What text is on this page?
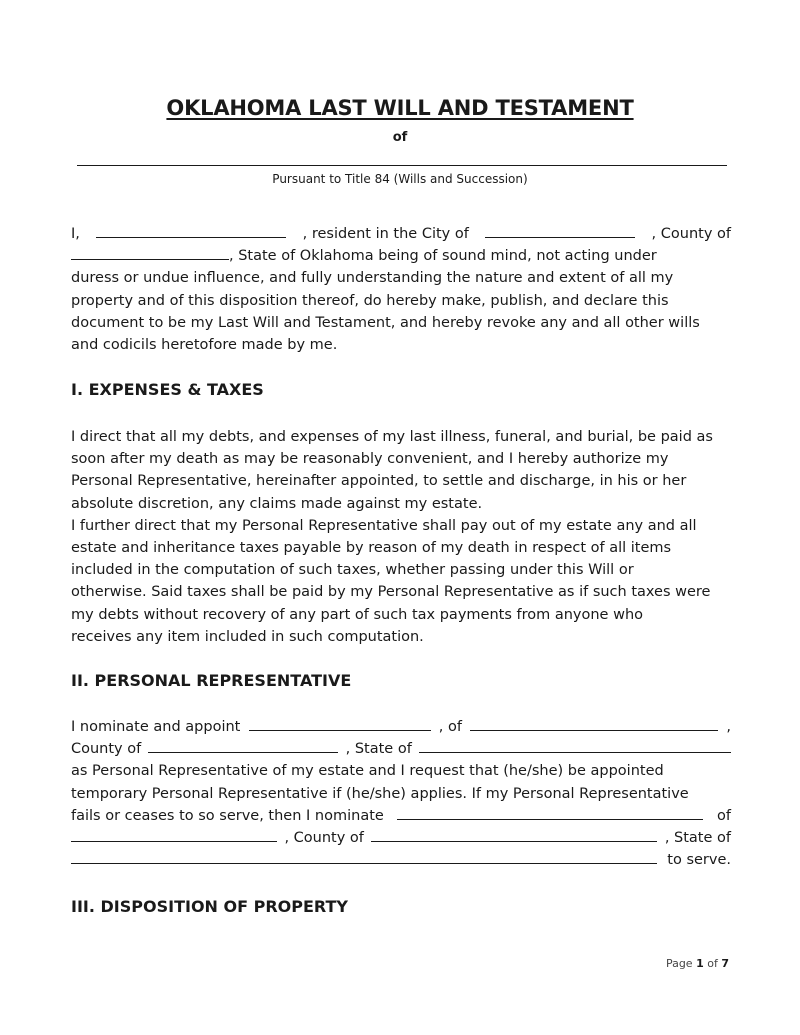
OKLAHOMA LAST WILL AND TESTAMENT
of
Pursuant to Title 84 (Wills and Succession)
I,	, resident in the City of	, County of
, State of Oklahoma being of sound mind, not acting under
duress or undue influence, and fully understanding the nature and extent of all my
property and of this disposition thereof, do hereby make, publish, and declare this
document to be my Last Will and Testament, and hereby revoke any and all other wills
and codicils heretofore made by me.
I. EXPENSES & TAXES
I direct that all my debts, and expenses of my last illness, funeral, and burial, be paid as
soon after my death as may be reasonably convenient, and I hereby authorize my
Personal Representative, hereinafter appointed, to settle and discharge, in his or her
absolute discretion, any claims made against my estate.
I further direct that my Personal Representative shall pay out of my estate any and all
estate and inheritance taxes payable by reason of my death in respect of all items
included in the computation of such taxes, whether passing under this Will or
otherwise. Said taxes shall be paid by my Personal Representative as if such taxes were
my debts without recovery of any part of such tax payments from anyone who
receives any item included in such computation.
II. PERSONAL REPRESENTATIVE
I nominate and appoint	, of	,
County of	, State of
as Personal Representative of my estate and I request that (he/she) be appointed
temporary Personal Representative if (he/she) applies. If my Personal Representative
fails or ceases to so serve, then I nominate	of
, County of	, State of
to serve.
III. DISPOSITION OF PROPERTY
Page 1 of 7
